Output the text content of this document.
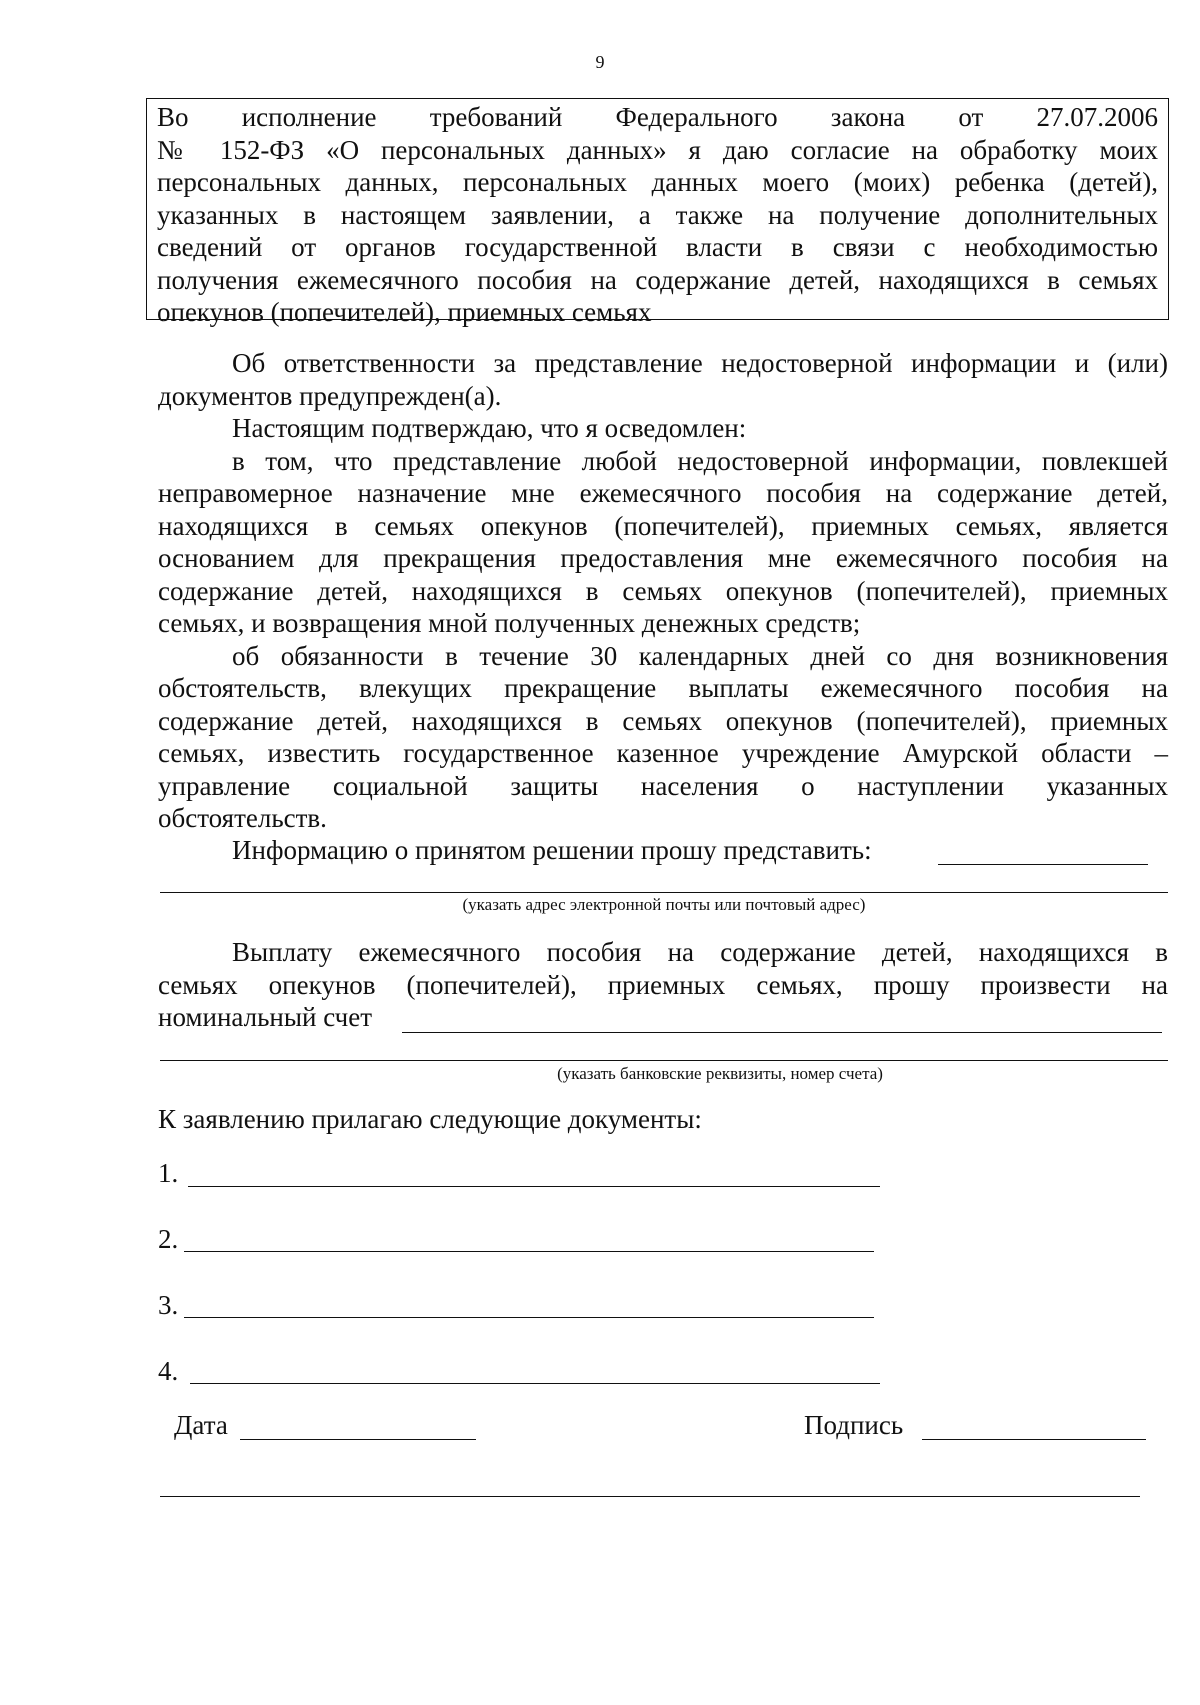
9
Во исполнение требований Федерального закона от 27.07.2006
№ 152-ФЗ «О персональных данных» я даю согласие на обработку моих
персональных данных, персональных данных моего (моих) ребенка (детей),
указанных в настоящем заявлении, а также на получение дополнительных
сведений от органов государственной власти в связи с необходимостью
получения ежемесячного пособия на содержание детей, находящихся в семьях
опекунов (попечителей), приемных семьях
Об ответственности за представление недостоверной информации и (или)
документов предупрежден(а).
Настоящим подтверждаю, что я осведомлен:
в том, что представление любой недостоверной информации, повлекшей
неправомерное назначение мне ежемесячного пособия на содержание детей,
находящихся в семьях опекунов (попечителей), приемных семьях, является
основанием для прекращения предоставления мне ежемесячного пособия на
содержание детей, находящихся в семьях опекунов (попечителей), приемных
семьях, и возвращения мной полученных денежных средств;
об обязанности в течение 30 календарных дней со дня возникновения
обстоятельств, влекущих прекращение выплаты ежемесячного пособия на
содержание детей, находящихся в семьях опекунов (попечителей), приемных
семьях, известить государственное казенное учреждение Амурской области –
управление социальной защиты населения о наступлении указанных
обстоятельств.
Информацию о принятом решении прошу представить:
(указать адрес электронной почты или почтовый адрес)
Выплату ежемесячного пособия на содержание детей, находящихся в
семьях опекунов (попечителей), приемных семьях, прошу произвести на
номинальный счет
(указать банковские реквизиты, номер счета)
К заявлению прилагаю следующие документы:
1.
2.
3.
4.
Дата	Подпись
